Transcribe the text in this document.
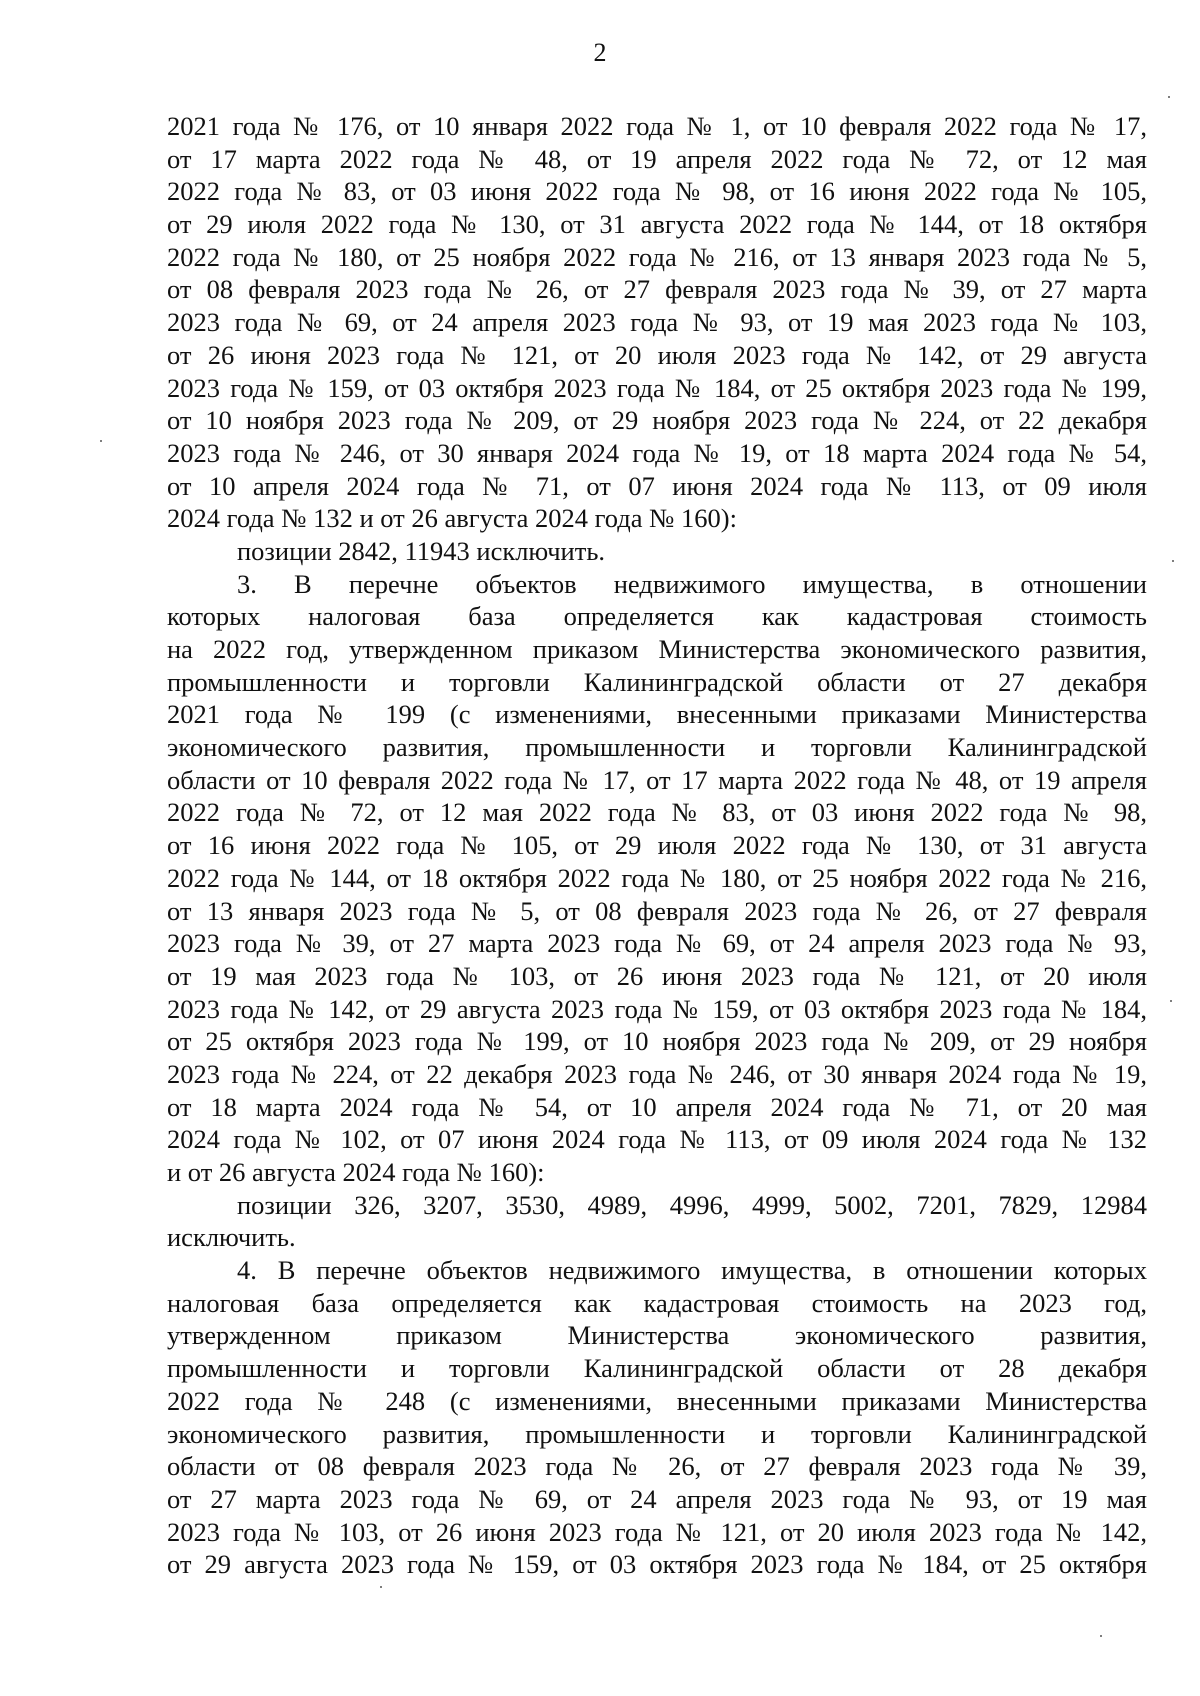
2
2021 года № 176, от 10 января 2022 года № 1, от 10 февраля 2022 года № 17,
от 17 марта 2022 года № 48, от 19 апреля 2022 года № 72, от 12 мая
2022 года № 83, от 03 июня 2022 года № 98, от 16 июня 2022 года № 105,
от 29 июля 2022 года № 130, от 31 августа 2022 года № 144, от 18 октября
2022 года № 180, от 25 ноября 2022 года № 216, от 13 января 2023 года № 5,
от 08 февраля 2023 года № 26, от 27 февраля 2023 года № 39, от 27 марта
2023 года № 69, от 24 апреля 2023 года № 93, от 19 мая 2023 года № 103,
от 26 июня 2023 года № 121, от 20 июля 2023 года № 142, от 29 августа
2023 года № 159, от 03 октября 2023 года № 184, от 25 октября 2023 года № 199,
от 10 ноября 2023 года № 209, от 29 ноября 2023 года № 224, от 22 декабря
2023 года № 246, от 30 января 2024 года № 19, от 18 марта 2024 года № 54,
от 10 апреля 2024 года № 71, от 07 июня 2024 года № 113, от 09 июля
2024 года № 132 и от 26 августа 2024 года № 160):
позиции 2842, 11943 исключить.
3. В перечне объектов недвижимого имущества, в отношении
которых налоговая база определяется как кадастровая стоимость
на 2022 год, утвержденном приказом Министерства экономического развития,
промышленности и торговли Калининградской области от 27 декабря
2021 года № 199 (с изменениями, внесенными приказами Министерства
экономического развития, промышленности и торговли Калининградской
области от 10 февраля 2022 года № 17, от 17 марта 2022 года № 48, от 19 апреля
2022 года № 72, от 12 мая 2022 года № 83, от 03 июня 2022 года № 98,
от 16 июня 2022 года № 105, от 29 июля 2022 года № 130, от 31 августа
2022 года № 144, от 18 октября 2022 года № 180, от 25 ноября 2022 года № 216,
от 13 января 2023 года № 5, от 08 февраля 2023 года № 26, от 27 февраля
2023 года № 39, от 27 марта 2023 года № 69, от 24 апреля 2023 года № 93,
от 19 мая 2023 года № 103, от 26 июня 2023 года № 121, от 20 июля
2023 года № 142, от 29 августа 2023 года № 159, от 03 октября 2023 года № 184,
от 25 октября 2023 года № 199, от 10 ноября 2023 года № 209, от 29 ноября
2023 года № 224, от 22 декабря 2023 года № 246, от 30 января 2024 года № 19,
от 18 марта 2024 года № 54, от 10 апреля 2024 года № 71, от 20 мая
2024 года № 102, от 07 июня 2024 года № 113, от 09 июля 2024 года № 132
и от 26 августа 2024 года № 160):
позиции 326, 3207, 3530, 4989, 4996, 4999, 5002, 7201, 7829, 12984
исключить.
4. В перечне объектов недвижимого имущества, в отношении которых
налоговая база определяется как кадастровая стоимость на 2023 год,
утвержденном приказом Министерства экономического развития,
промышленности и торговли Калининградской области от 28 декабря
2022 года № 248 (с изменениями, внесенными приказами Министерства
экономического развития, промышленности и торговли Калининградской
области от 08 февраля 2023 года № 26, от 27 февраля 2023 года № 39,
от 27 марта 2023 года № 69, от 24 апреля 2023 года № 93, от 19 мая
2023 года № 103, от 26 июня 2023 года № 121, от 20 июля 2023 года № 142,
от 29 августа 2023 года № 159, от 03 октября 2023 года № 184, от 25 октября
